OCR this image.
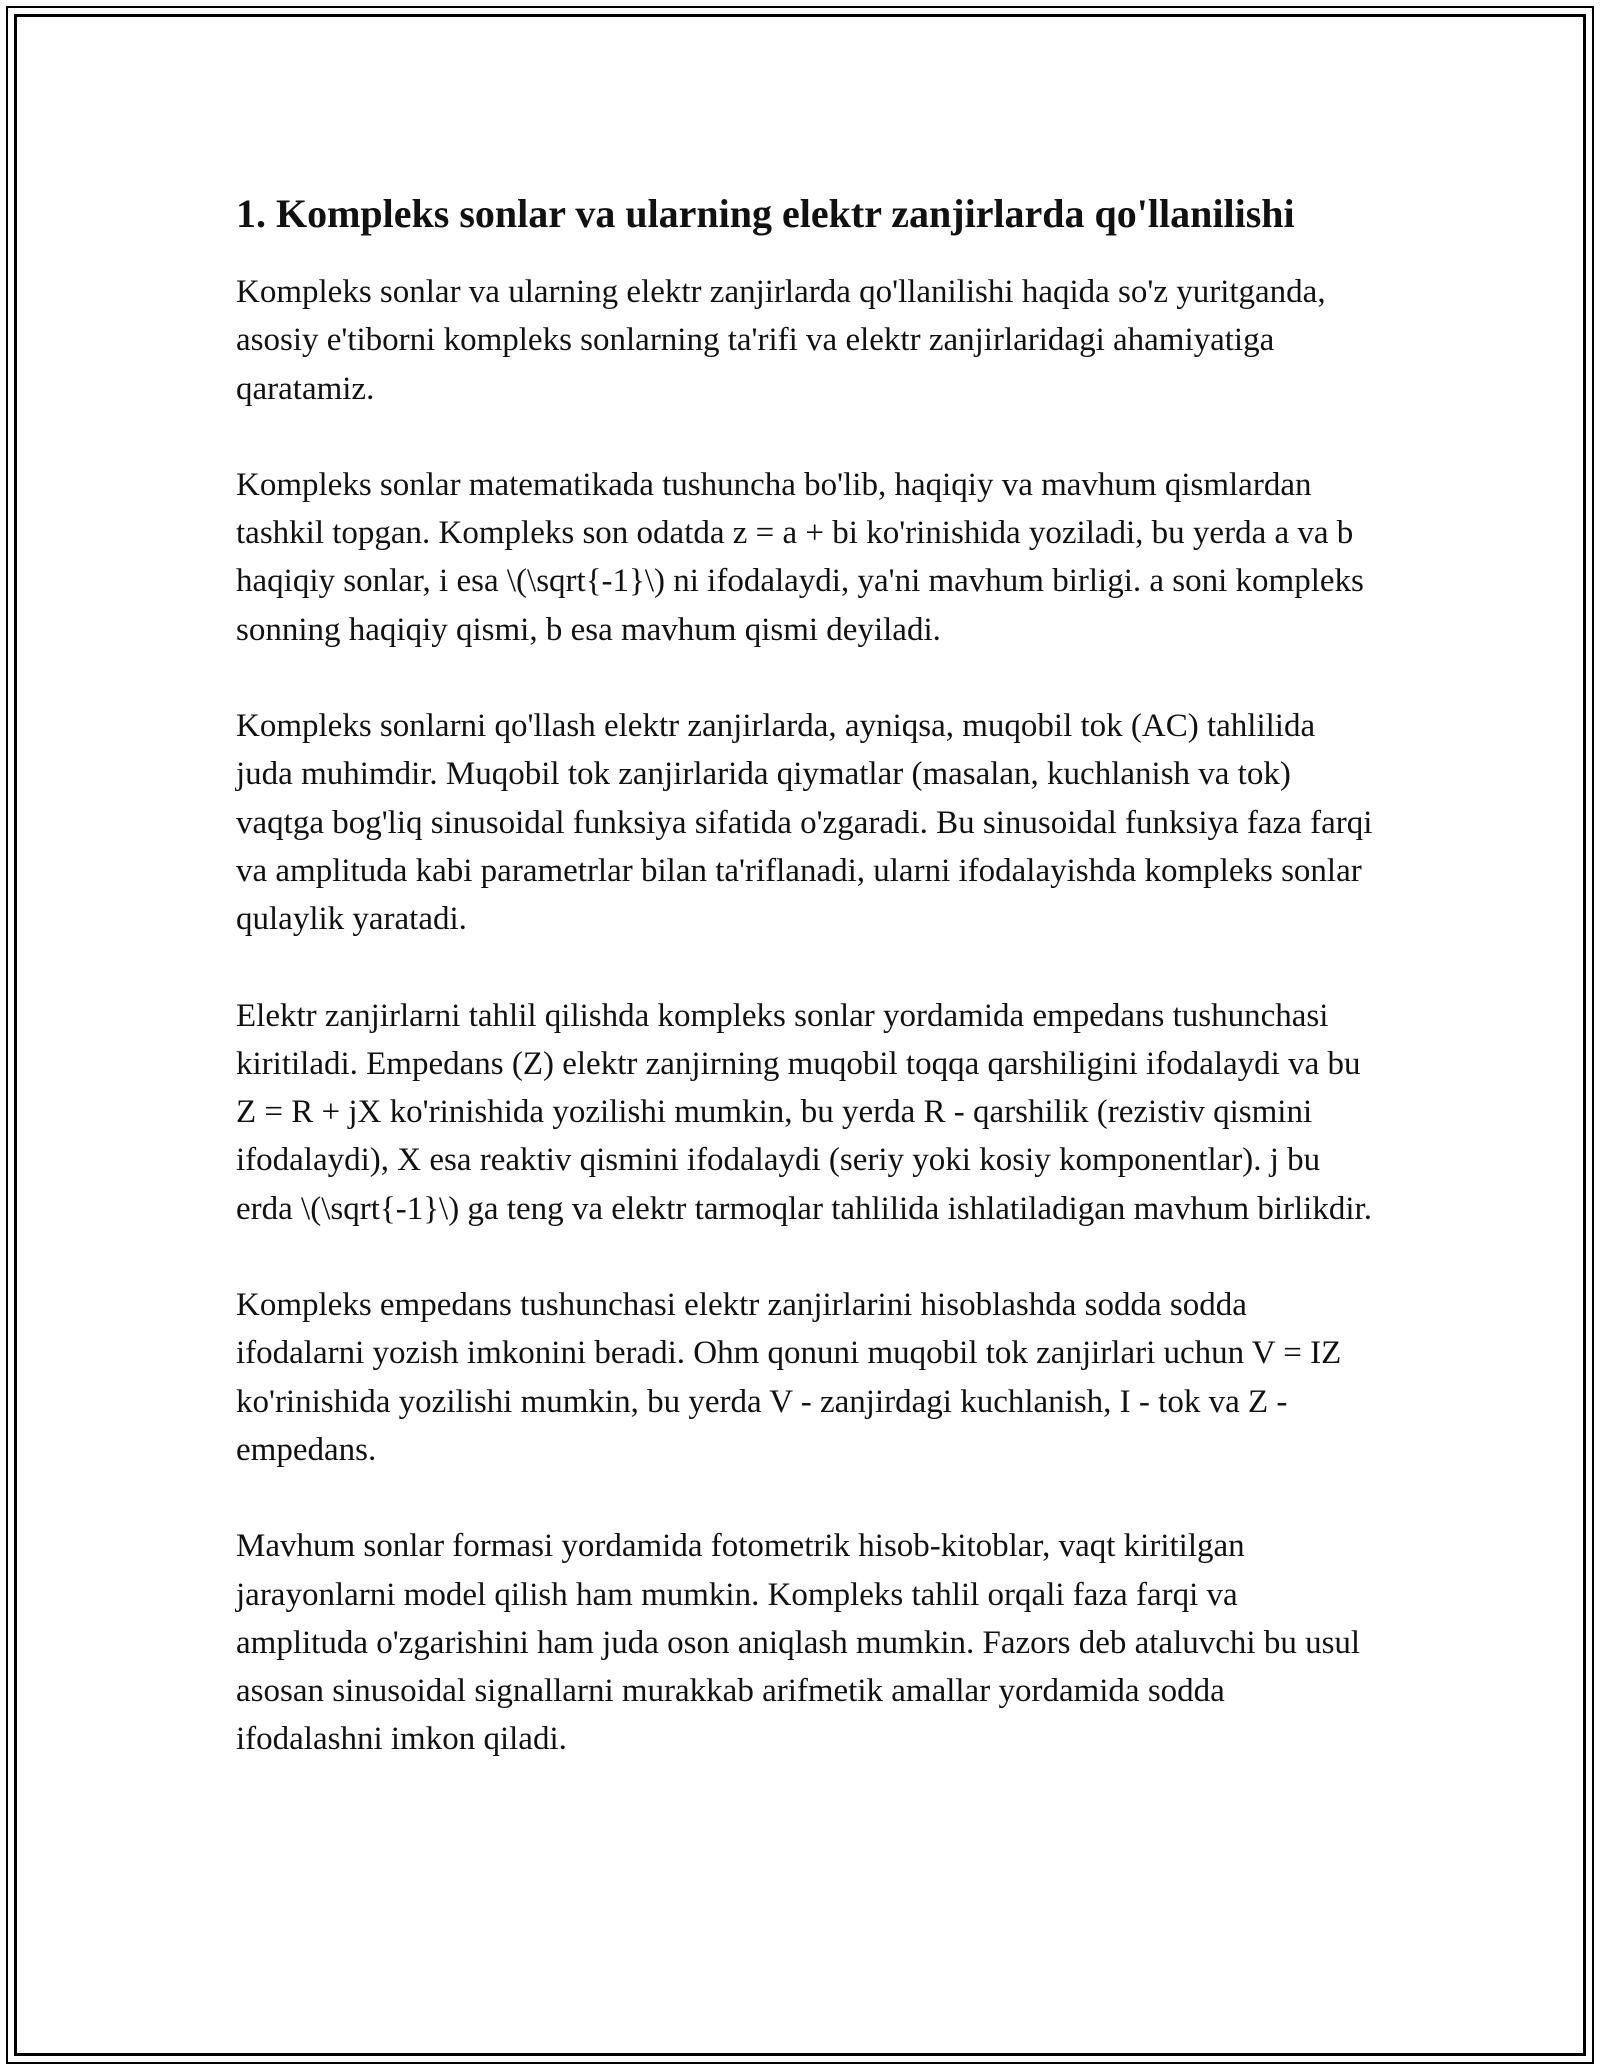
1. Kompleks sonlar va ularning elektr zanjirlarda qo'llanilishi

Kompleks sonlar va ularning elektr zanjirlarda qo'llanilishi haqida so'z yuritganda, asosiy e'tiborni kompleks sonlarning ta'rifi va elektr zanjirlaridagi ahamiyatiga qaratamiz.

Kompleks sonlar matematikada tushuncha bo'lib, haqiqiy va mavhum qismlardan tashkil topgan. Kompleks son odatda z = a + bi ko'rinishida yoziladi, bu yerda a va b haqiqiy sonlar, i esa \(\sqrt{-1}\) ni ifodalaydi, ya'ni mavhum birligi. a soni kompleks sonning haqiqiy qismi, b esa mavhum qismi deyiladi.

Kompleks sonlarni qo'llash elektr zanjirlarda, ayniqsa, muqobil tok (AC) tahlilida juda muhimdir. Muqobil tok zanjirlarida qiymatlar (masalan, kuchlanish va tok) vaqtga bog'liq sinusoidal funksiya sifatida o'zgaradi. Bu sinusoidal funksiya faza farqi va amplituda kabi parametrlar bilan ta'riflanadi, ularni ifodalayishda kompleks sonlar qulaylik yaratadi.

Elektr zanjirlarni tahlil qilishda kompleks sonlar yordamida empedans tushunchasi kiritiladi. Empedans (Z) elektr zanjirning muqobil toqqa qarshiligini ifodalaydi va bu Z = R + jX ko'rinishida yozilishi mumkin, bu yerda R - qarshilik (rezistiv qismini ifodalaydi), X esa reaktiv qismini ifodalaydi (seriy yoki kosiy komponentlar). j bu erda \(\sqrt{-1}\) ga teng va elektr tarmoqlar tahlilida ishlatiladigan mavhum birlikdir.

Kompleks empedans tushunchasi elektr zanjirlarini hisoblashda sodda sodda ifodalarni yozish imkonini beradi. Ohm qonuni muqobil tok zanjirlari uchun V = IZ ko'rinishida yozilishi mumkin, bu yerda V - zanjirdagi kuchlanish, I - tok va Z - empedans.

Mavhum sonlar formasi yordamida fotometrik hisob-kitoblar, vaqt kiritilgan jarayonlarni model qilish ham mumkin. Kompleks tahlil orqali faza farqi va amplituda o'zgarishini ham juda oson aniqlash mumkin. Fazors deb ataluvchi bu usul asosan sinusoidal signallarni murakkab arifmetik amallar yordamida sodda ifodalashni imkon qiladi.
